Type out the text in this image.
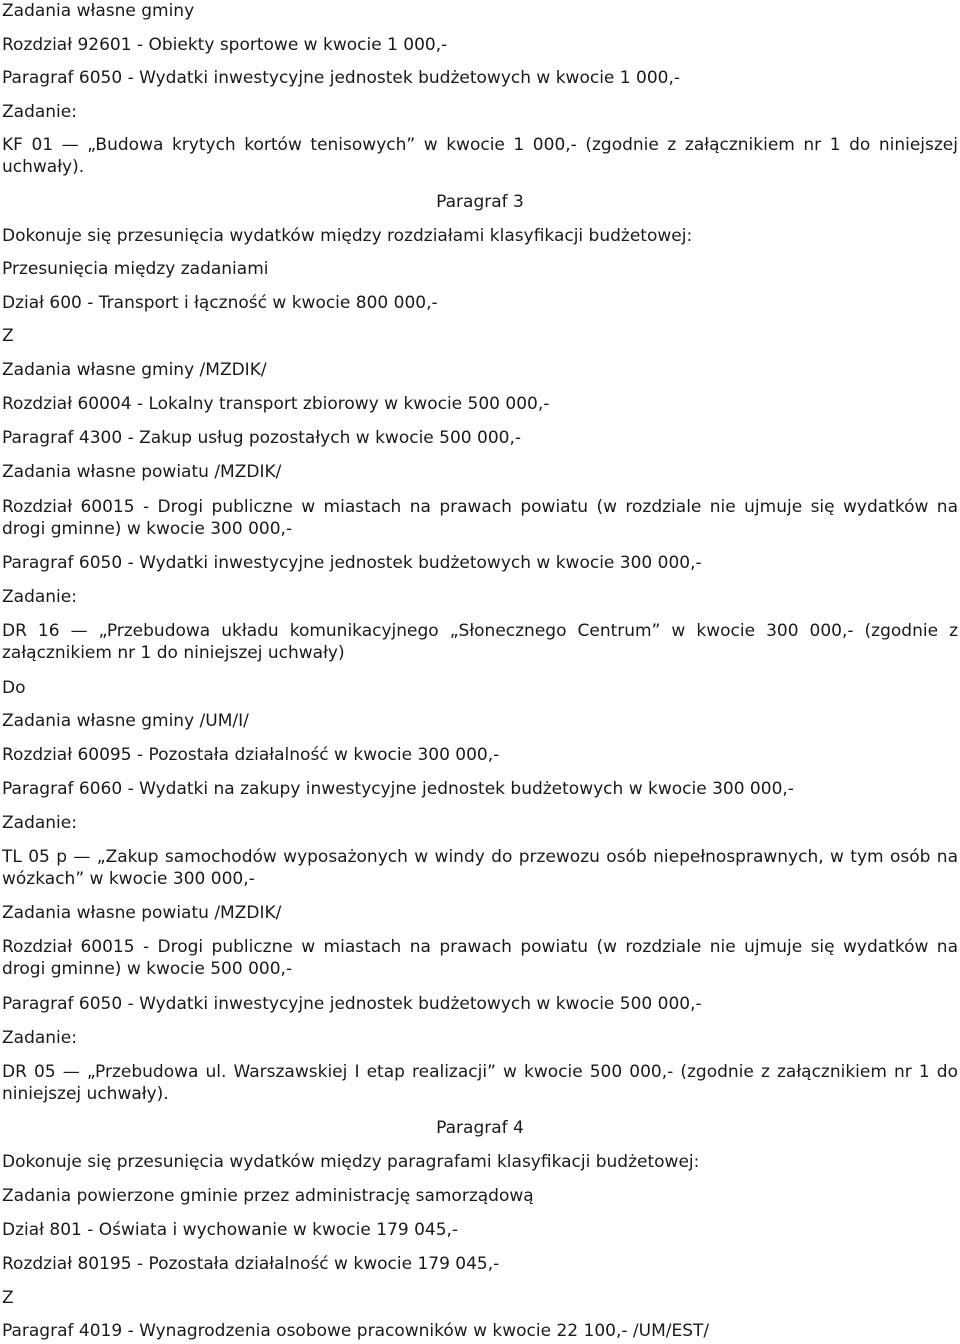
Zadania własne gminy
Rozdział 92601 - Obiekty sportowe w kwocie 1 000,-
Paragraf 6050 - Wydatki inwestycyjne jednostek budżetowych w kwocie 1 000,-
Zadanie:
KF 01 — „Budowa krytych kortów tenisowych” w kwocie 1 000,- (zgodnie z załącznikiem nr 1 do niniejszej uchwały).
Paragraf 3
Dokonuje się przesunięcia wydatków między rozdziałami klasyfikacji budżetowej:
Przesunięcia między zadaniami
Dział 600 - Transport i łączność w kwocie 800 000,-
Z
Zadania własne gminy /MZDIK/
Rozdział 60004 - Lokalny transport zbiorowy w kwocie 500 000,-
Paragraf 4300 - Zakup usług pozostałych w kwocie 500 000,-
Zadania własne powiatu /MZDIK/
Rozdział 60015 - Drogi publiczne w miastach na prawach powiatu (w rozdziale nie ujmuje się wydatków na drogi gminne) w kwocie 300 000,-
Paragraf 6050 - Wydatki inwestycyjne jednostek budżetowych w kwocie 300 000,-
Zadanie:
DR 16 — „Przebudowa układu komunikacyjnego „Słonecznego Centrum” w kwocie 300 000,- (zgodnie z załącznikiem nr 1 do niniejszej uchwały)
Do
Zadania własne gminy /UM/I/
Rozdział 60095 - Pozostała działalność w kwocie 300 000,-
Paragraf 6060 - Wydatki na zakupy inwestycyjne jednostek budżetowych w kwocie 300 000,-
Zadanie:
TL 05 p — „Zakup samochodów wyposażonych w windy do przewozu osób niepełnosprawnych, w tym osób na wózkach” w kwocie 300 000,-
Zadania własne powiatu /MZDIK/
Rozdział 60015 - Drogi publiczne w miastach na prawach powiatu (w rozdziale nie ujmuje się wydatków na drogi gminne) w kwocie 500 000,-
Paragraf 6050 - Wydatki inwestycyjne jednostek budżetowych w kwocie 500 000,-
Zadanie:
DR 05 — „Przebudowa ul. Warszawskiej I etap realizacji” w kwocie 500 000,- (zgodnie z załącznikiem nr 1 do niniejszej uchwały).
Paragraf 4
Dokonuje się przesunięcia wydatków między paragrafami klasyfikacji budżetowej:
Zadania powierzone gminie przez administrację samorządową
Dział 801 - Oświata i wychowanie w kwocie 179 045,-
Rozdział 80195 - Pozostała działalność w kwocie 179 045,-
Z
Paragraf 4019 - Wynagrodzenia osobowe pracowników w kwocie 22 100,- /UM/EST/
